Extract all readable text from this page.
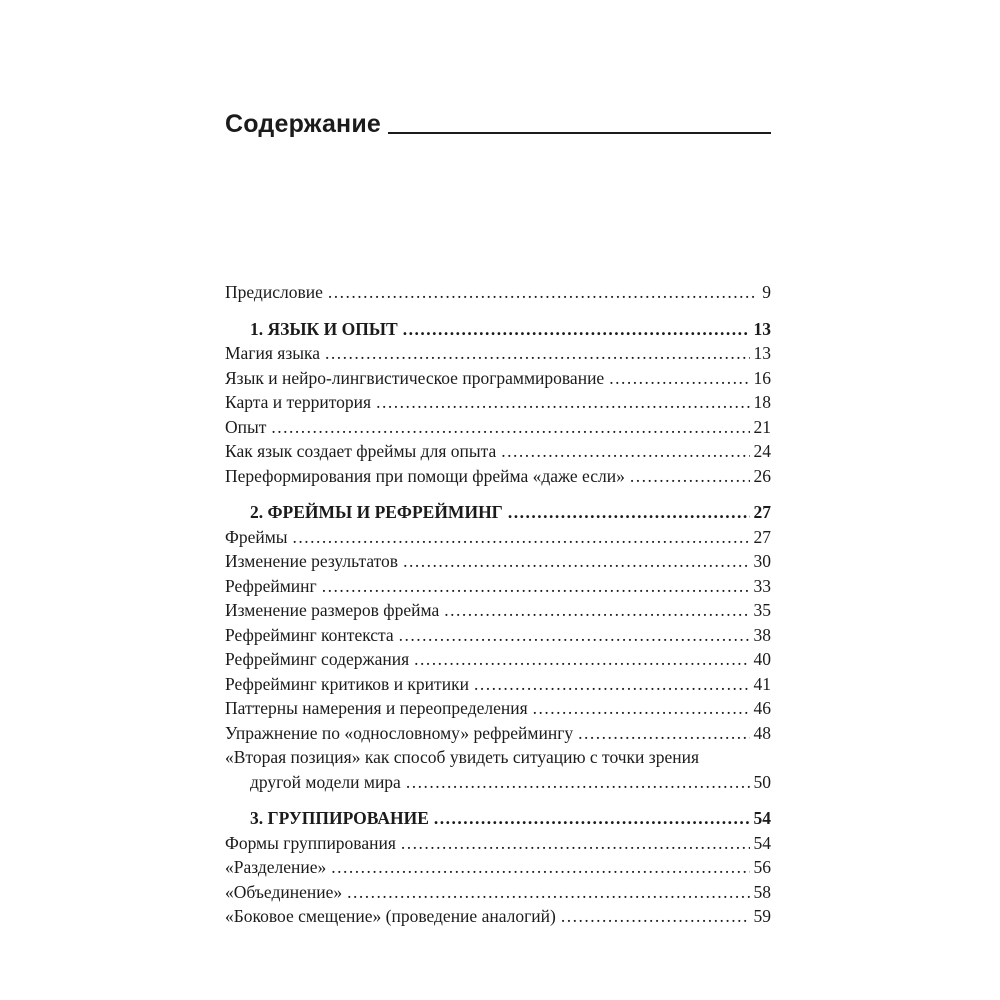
Содержание
Предисловие .....	9
1. ЯЗЫК И ОПЫТ .....	13
Магия языка .....	13
Язык и нейро-лингвистическое программирование .....	16
Карта и территория .....	18
Опыт .....	21
Как язык создает фреймы для опыта .....	24
Переформирования при помощи фрейма «даже если» .....	26
2. ФРЕЙМЫ И РЕФРЕЙМИНГ .....	27
Фреймы .....	27
Изменение результатов .....	30
Рефрейминг .....	33
Изменение размеров фрейма .....	35
Рефрейминг контекста .....	38
Рефрейминг содержания .....	40
Рефрейминг критиков и критики .....	41
Паттерны намерения и переопределения .....	46
Упражнение по «однословному» рефреймингу .....	48
«Вторая позиция» как способ увидеть ситуацию с точки зрения
другой модели мира .....	50
3. ГРУППИРОВАНИЕ .....	54
Формы группирования .....	54
«Разделение» .....	56
«Объединение» .....	58
«Боковое смещение» (проведение аналогий) .....	59
